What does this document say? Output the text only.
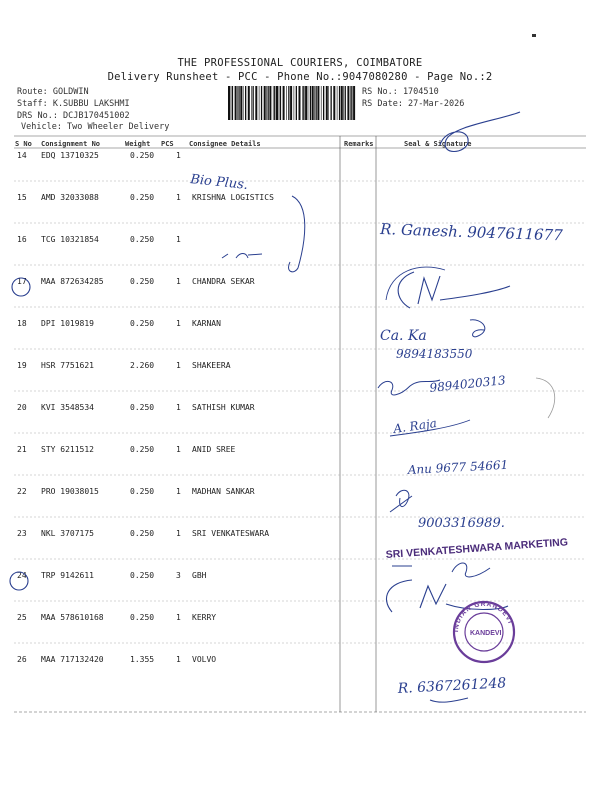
THE PROFESSIONAL COURIERS, COIMBATORE
Delivery Runsheet - PCC - Phone No.:9047080280 - Page No.:2
Route: GOLDWIN
Staff: K.SUBBU LAKSHMI
DRS No.: DCJB170451002
Vehicle: Two Wheeler Delivery
RS No.: 1704510
RS Date: 27-Mar-2026
S No Consignment No	Weight PCS Consignee Details	Remarks	Seal & Signature
14 EDQ 13710325	0.250	1
15 AMD 32033088	0.250	1 KRISHNA LOGISTICS
16 TCG 10321854	0.250	1
17 MAA 872634285	0.250	1 CHANDRA SEKAR
18 DPI 1019819	0.250	1 KARNAN
19 HSR 7751621	2.260	1 SHAKEERA
20 KVI 3548534	0.250	1 SATHISH KUMAR
21 STY 6211512	0.250	1 ANID SREE
22 PRO 19038015	0.250	1 MADHAN SANKAR
23 NKL 3707175	0.250	1 SRI VENKATESWARA
24 TRP 9142611	0.250	3 GBH
25 MAA 578610168	0.250	1 KERRY
26 MAA 717132420	1.355	1 VOLVO
Bio Plus.
R. Ganesh. 9047611677
Ca. Ka
9894183550
9894020313
A. Raja
Anu 9677 54661
9003316989.
SRI VENKATESHWARA MARKETING
INDIAN GRANDEVI
KANDEVI
R. 6367261248
